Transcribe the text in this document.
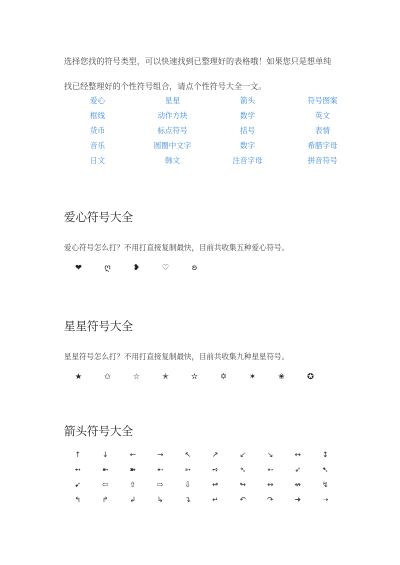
选择您找的符号类型，可以快速找到已整理好的表格哦！如果您只是想单纯

找已经整理好的个性符号组合，请点个性符号大全一文。

爱心	星星	箭头	符号图案
框线	动作方块	数学	英文
货币	标点符号	括号	表情
音乐	圆圈中文字	数字	希腊字母
日文	韩文	注音字母	拼音符号
爱心符号大全

爱心符号怎么打？不用打直接复制最快，目前共收集五种爱心符号。

❤	ღ	❥	♡	ʚ
星星符号大全

星星符号怎么打？不用打直接复制最快，目前共收集九种星星符号。

★	✩	☆	✭	✫	✡	✶	✬	✪
箭头符号大全
↑	↓	←	→	↖	↗	↙	↘	↔	↕
➻	➼	➽	➸	➳	➺	➴	➵	➶	➷
➹	⇦	⇧	⇨	⇩	↫	↬	↭	↮	↯
↰	↱	↲	↳	↴	↵	↶	↷	➜	➝
